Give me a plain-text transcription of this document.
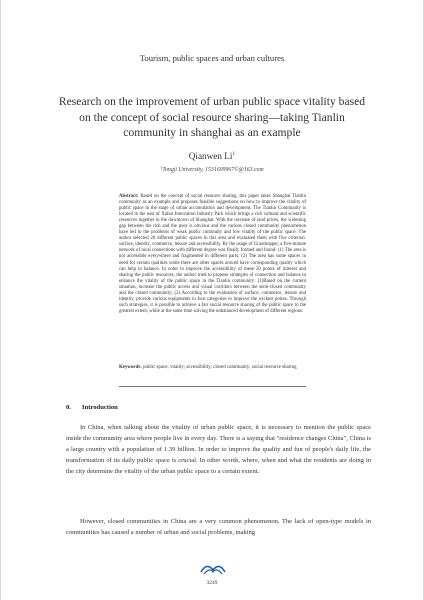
Tourism, public spaces and urban cultures
Research on the improvement of urban public space vitality based on the concept of social resource sharing—taking Tianlin community in shanghai as an example
Qianwen Li$^1$
$^1$Tongji University, 1531609967©@163.com
Abstract: Based on the concept of social resource sharing, this paper takes Shanghai Tianlin community as an example and proposes feasible suggestions on how to improve the vitality of public space in the stage of urban accumulation and development. The Tianlin Community is located in the east of Xuhui Innovation Industry Park which brings a rich cultural and scientific resources together in the downtown of Shanghai. With the increase of land prices, the widening gap between the rich and the poor is obvious and the various closed community phenomenon have led to the problems of weak public continuity and low vitality of the public space. The author selected 20 different public spaces in this area and evaluated them with five criterion: surface, identity, commerce, leisure and accessibility. By the usage of Grasshopper, a five-minute network of local connections with different degree was finally formed and found: (1) The area is not accessible everywhere and fragmented in different parts; (2) The area has some spaces in need for certain qualities while there are other spaces around have corresponding quality which can help to balance. In order to improve the accessibility of these 20 points of interest and sharing the public resources, the author tried to propose strategies of connection and balance to enhance the vitality of the public space in the Tianlin community: (1)Based on the current situation, increase the public access and visual corridors between the semi-closed community and the closed community; (2) According to the evaluation of surface, commerce, leisure and identity, provide various equipments in four categories to improve the wickest points. Through such strategies, it is possible to achieve a fair social resource sharing of the public space to the greatest extent, while at the same time solving the unbalanced development of different regions.
Keywords: public space; vitality; accessibility; closed community; social resource sharing
0. Introduction
In China, when talking about the vitality of urban public space, it is necessary to mention the public space inside the community area where people live in every day. There is a saying that "residence changes China", China is a large country with a population of 1.39 billion. In order to improve the quality and fun of people's daily life, the transformation of its daily public space is crucial. In other words, where, when and what the residents are doing in the city determine the vitality of the urban public space to a certain extent.
However, closed communities in China are a very common phenomenon. The lack of open-type models in communities has caused a number of urban and social problems, making
3249
